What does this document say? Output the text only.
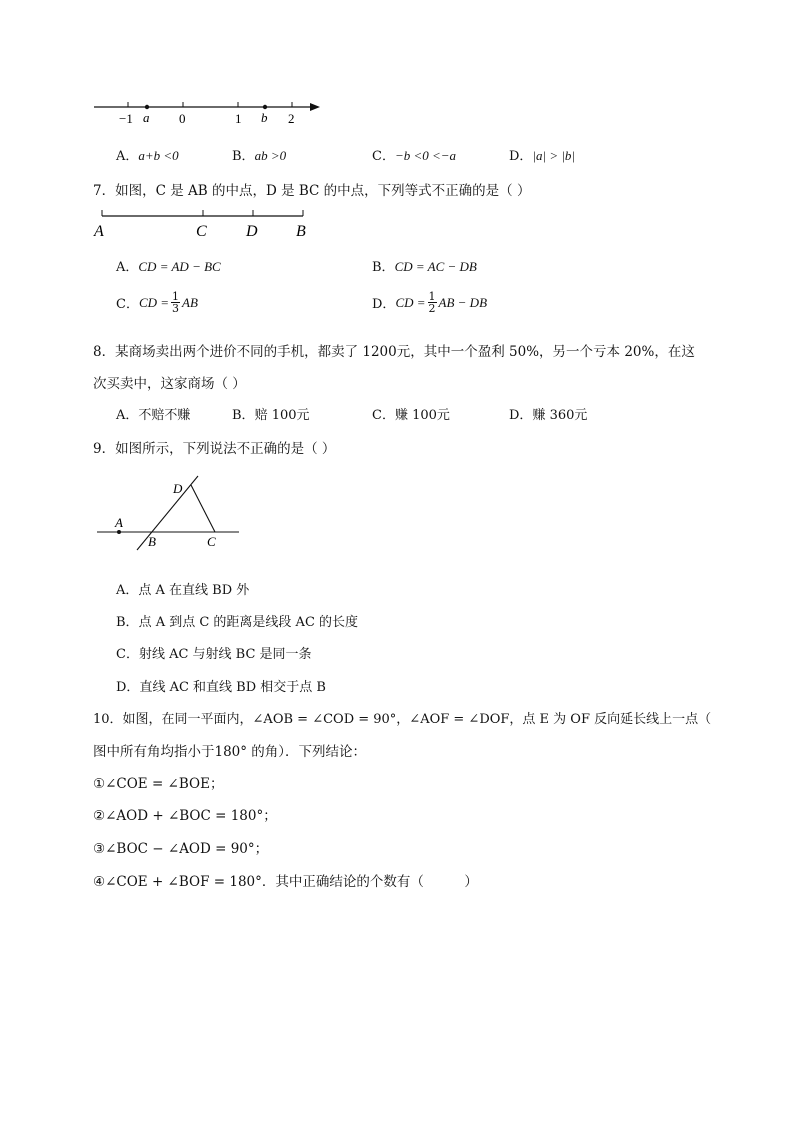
−1	0	1	2
a	b
A．a+b <0	B．ab >0	C．−b <0 <−a	D．|a| > |b|
7．如图，C 是 AB 的中点，D 是 BC 的中点，下列等式不正确的是（ ）
A	C D B
A．CD = AD − BC	B．CD = AC − DB
C． CD = $\frac{1}{3}$ AB	D． CD = $\frac{1}{2}$ AB − DB
8．某商场卖出两个进价不同的手机，都卖了 1200元，其中一个盈利 50%，另一个亏本 20%，在这
次买卖中，这家商场（ ）
A．不赔不赚	B．赔 100元	C．赚 100元	D．赚 360元
9．如图所示，下列说法不正确的是（ ）
D
A
B	C
A．点 A 在直线 BD 外
B．点 A 到点 C 的距离是线段 AC 的长度
C．射线 AC 与射线 BC 是同一条
D．直线 AC 和直线 BD 相交于点 B
10．如图，在同一平面内，∠AOB = ∠COD = 90°，∠AOF = ∠DOF，点 E 为 OF 反向延长线上一点（
图中所有角均指小于180° 的角）．下列结论：
①∠COE = ∠BOE；
②∠AOD + ∠BOC = 180°；
③∠BOC − ∠AOD = 90°；
④∠COE + ∠BOF = 180°．其中正确结论的个数有（　　　）
